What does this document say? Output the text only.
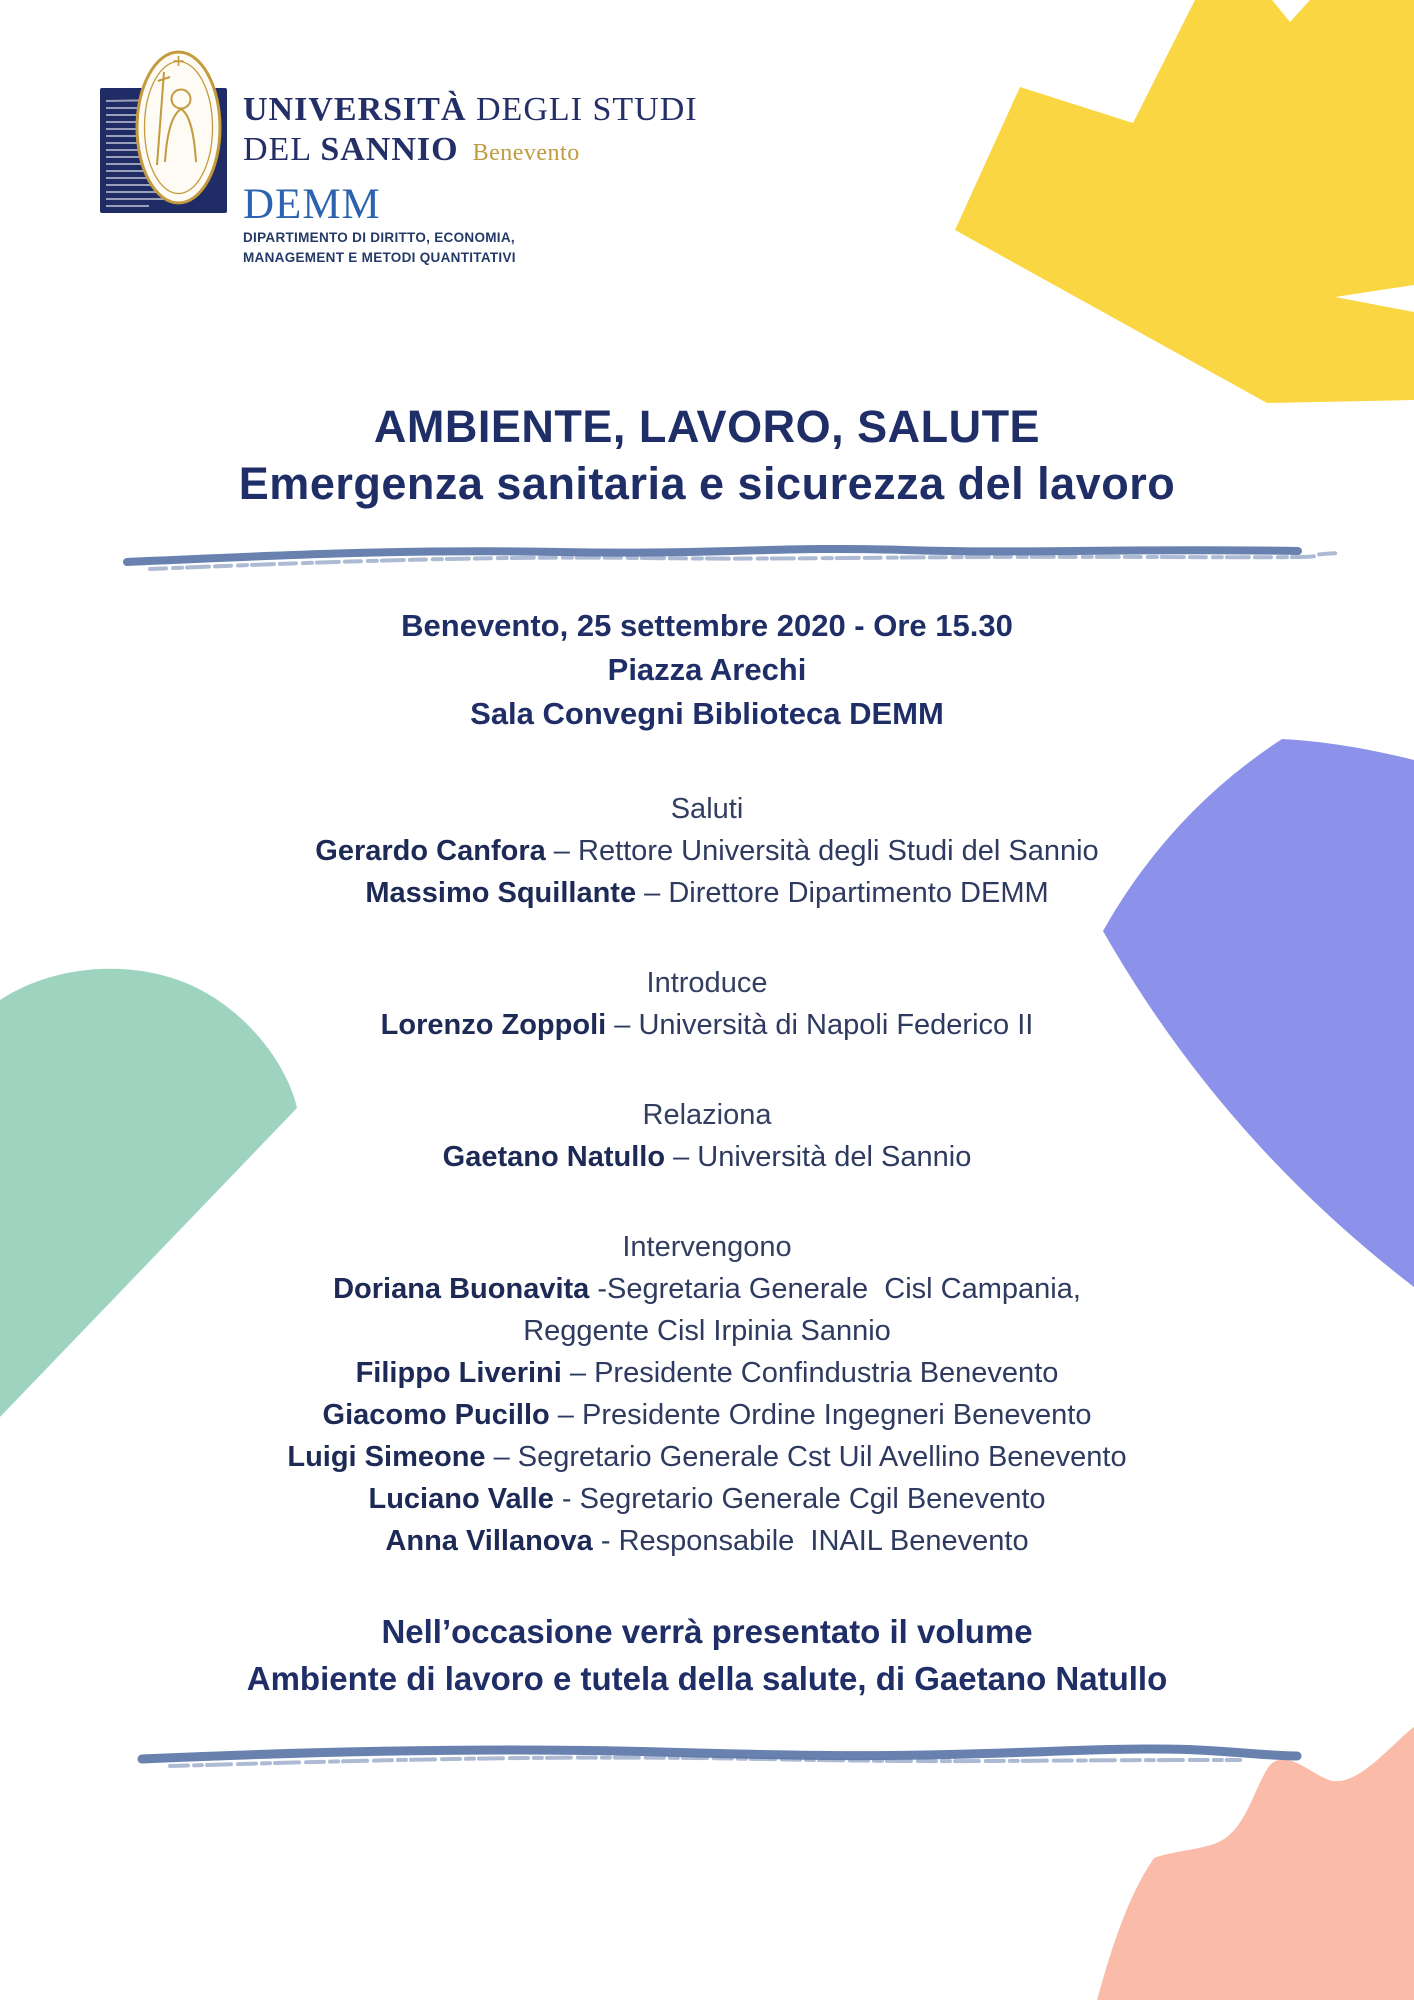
UNIVERSITÀ DEGLI STUDI
DEL SANNIO Benevento
DEMM
DIPARTIMENTO DI DIRITTO, ECONOMIA,
MANAGEMENT E METODI QUANTITATIVI
AMBIENTE, LAVORO, SALUTE
Emergenza sanitaria e sicurezza del lavoro
Benevento, 25 settembre 2020 - Ore 15.30
Piazza Arechi
Sala Convegni Biblioteca DEMM
Saluti
Gerardo Canfora – Rettore Università degli Studi del Sannio
Massimo Squillante – Direttore Dipartimento DEMM
Introduce
Lorenzo Zoppoli – Università di Napoli Federico II
Relaziona
Gaetano Natullo – Università del Sannio
Intervengono
Doriana Buonavita -Segretaria Generale  Cisl Campania,
Reggente Cisl Irpinia Sannio
Filippo Liverini – Presidente Confindustria Benevento
Giacomo Pucillo – Presidente Ordine Ingegneri Benevento
Luigi Simeone – Segretario Generale Cst Uil Avellino Benevento
Luciano Valle - Segretario Generale Cgil Benevento
Anna Villanova - Responsabile  INAIL Benevento
Nell’occasione verrà presentato il volume
Ambiente di lavoro e tutela della salute, di Gaetano Natullo
